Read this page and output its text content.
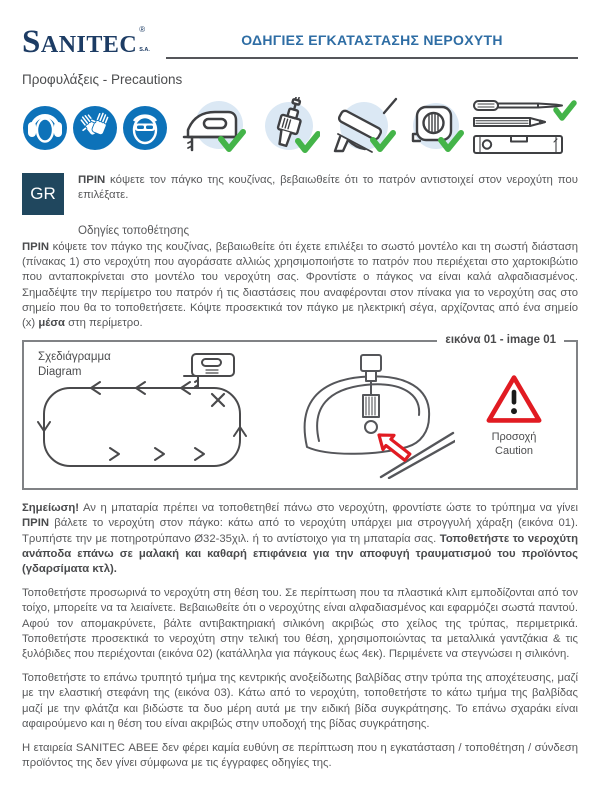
SANITEC
®
S.A.
ΟΔΗΓΙΕΣ ΕΓΚΑΤΑΣΤΑΣΗΣ ΝΕΡΟΧΥΤΗ
Προφυλάξεις - Precautions
GR
ΠΡΙΝ κόψετε τον πάγκο της κουζίνας, βεβαιωθείτε ότι το πατρόν αντιστοιχεί στον νεροχύτη που επιλέξατε.
Οδηγίες τοποθέτησης

ΠΡΙΝ κόψετε τον πάγκο της κουζίνας, βεβαιωθείτε ότι έχετε επιλέξει το σωστό μοντέλο και τη σωστή διάσταση (πίνακας 1) στο νεροχύτη που αγοράσατε αλλιώς χρησιμοποιήστε το πατρόν που περιέχεται στο χαρτοκιβώτιο που ανταποκρίνεται στο μοντέλο του νεροχύτη σας. Φροντίστε ο πάγκος να είναι καλά αλφαδιασμένος. Σημαδέψτε την περίμετρο του πατρόν ή τις διαστάσεις που αναφέρονται στον πίνακα για το νεροχύτη σας στο σημείο που θα το τοποθετήσετε. Κόψτε προσεκτικά τον πάγκο με ηλεκτρική σέγα, αρχίζοντας από ένα σημείο (x) μέσα στη περίμετρο.

εικόνα 01 - image 01
Σχεδιάγραμμα
Diagram
Προσοχή
Caution

Σημείωση! Αν η μπαταρία πρέπει να τοποθετηθεί πάνω στο νεροχύτη, φροντίστε ώστε το τρύπημα να γίνει ΠΡΙΝ βάλετε το νεροχύτη στον πάγκο: κάτω από το νεροχύτη υπάρχει μια στρογγυλή χάραξη (εικόνα 01). Τρυπήστε την με ποτηροτρύπανο Ø32-35χιλ. ή το αντίστοιχο για τη μπαταρία σας. Τοποθετήστε το νεροχύτη ανάποδα επάνω σε μαλακή και καθαρή επιφάνεια για την αποφυγή τραυματισμού του προϊόντος (γδαρσίματα κτλ).

Τοποθετήστε προσωρινά το νεροχύτη στη θέση του. Σε περίπτωση που τα πλαστικά κλιπ εμποδίζονται από τον τοίχο, μπορείτε να τα λειαίνετε. Βεβαιωθείτε ότι ο νεροχύτης είναι αλφαδιασμένος και εφαρμόζει σωστά παντού. Αφού τον απομακρύνετε, βάλτε αντιβακτηριακή σιλικόνη ακριβώς στο χείλος της τρύπας, περιμετρικά. Τοποθετήστε προσεκτικά το νεροχύτη στην τελική του θέση, χρησιμοποιώντας τα μεταλλικά γαντζάκια & τις ξυλόβιδες που περιέχονται (εικόνα 02) (κατάλληλα για πάγκους έως 4εκ). Περιμένετε να στεγνώσει η σιλικόνη.

Τοποθετήστε το επάνω τρυπητό τμήμα της κεντρικής ανοξείδωτης βαλβίδας στην τρύπα της αποχέτευσης, μαζί με την ελαστική στεφάνη της (εικόνα 03). Κάτω από το νεροχύτη, τοποθετήστε το κάτω τμήμα της βαλβίδας μαζί με την φλάτζα και βιδώστε τα δυο μέρη αυτά με την ειδική βίδα συγκράτησης. Το επάνω σχαράκι είναι αφαιρούμενο και η θέση του είναι ακριβώς στην υποδοχή της βίδας συγκράτησης.

Η εταιρεία SANITEC ΑΒΕΕ δεν φέρει καμία ευθύνη σε περίπτωση που η εγκατάσταση / τοποθέτηση / σύνδεση προϊόντος της δεν γίνει σύμφωνα με τις έγγραφες οδηγίες της.
